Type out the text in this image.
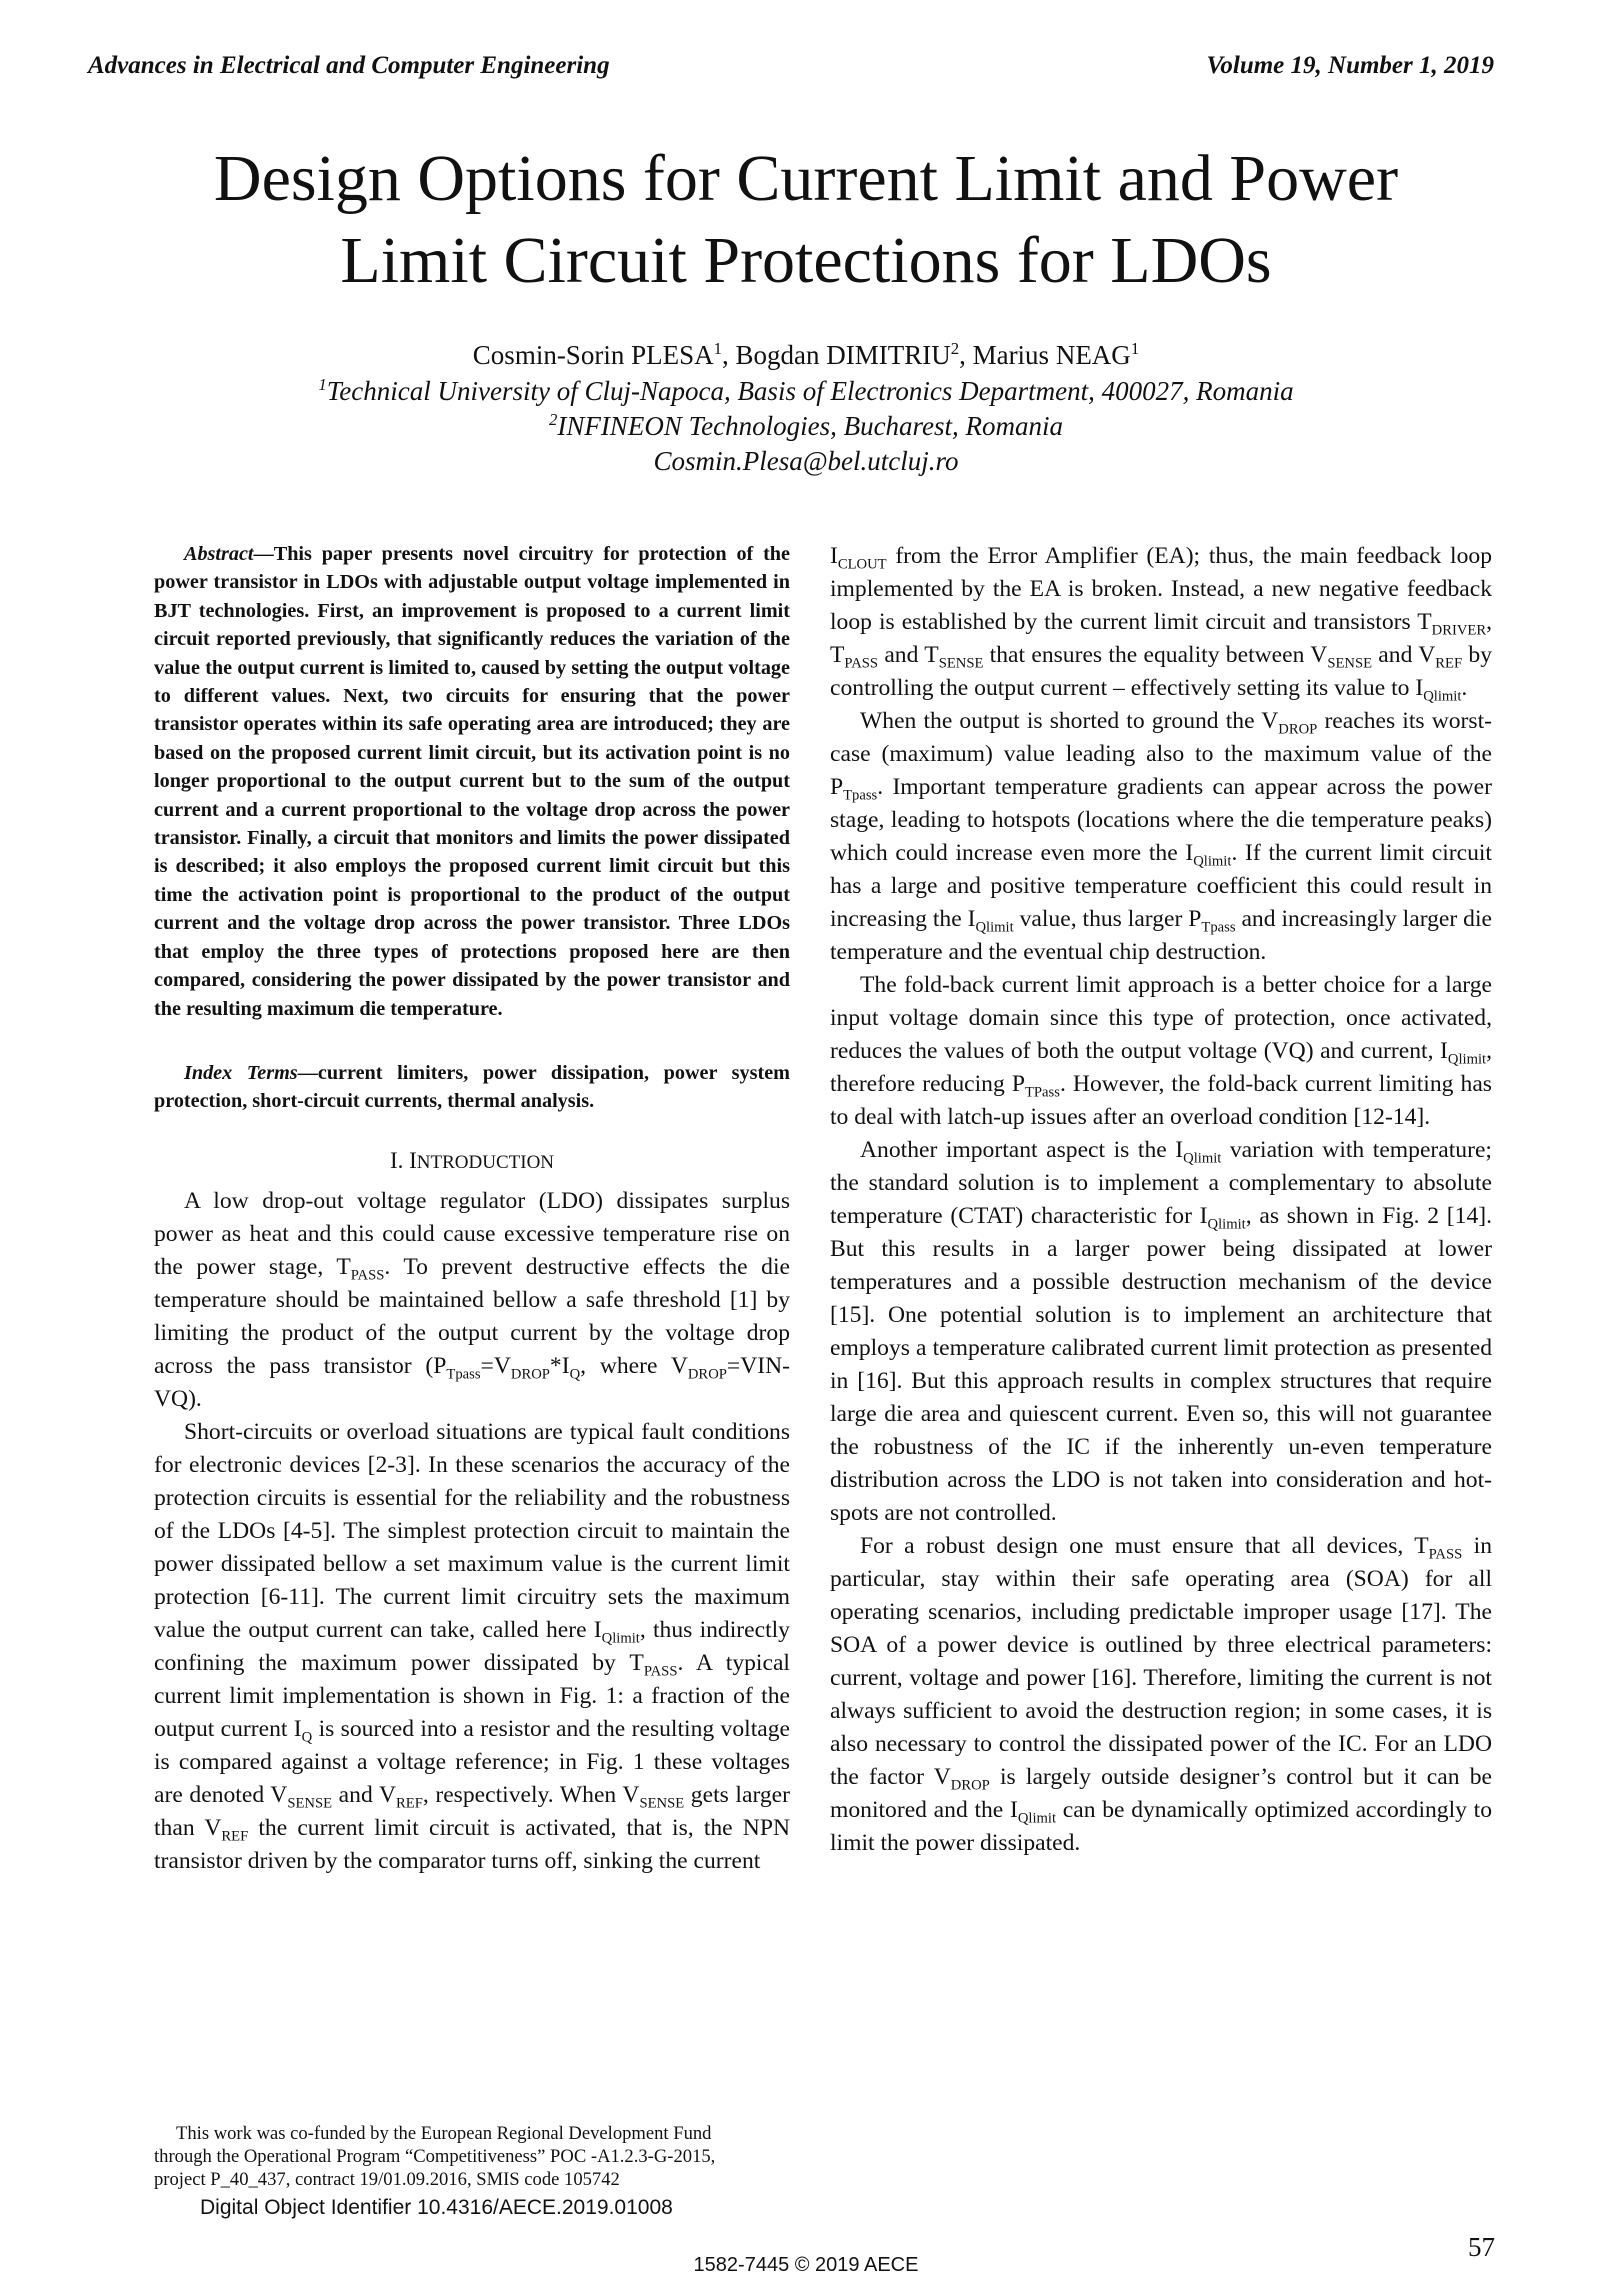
Advances in Electrical and Computer Engineering	Volume 19, Number 1, 2019
Design Options for Current Limit and Power
Limit Circuit Protections for LDOs
Cosmin-Sorin PLESA$^1$, Bogdan DIMITRIU$^2$, Marius NEAG$^1$
$^1$Technical University of Cluj-Napoca, Basis of Electronics Department, 400027, Romania
$^2$INFINEON Technologies, Bucharest, Romania
Cosmin.Plesa@bel.utcluj.ro

Abstract—This paper presents novel circuitry for protection of the power transistor in LDOs with adjustable output voltage implemented in BJT technologies. First, an improvement is proposed to a current limit circuit reported previously, that significantly reduces the variation of the value the output current is limited to, caused by setting the output voltage to different values. Next, two circuits for ensuring that the power transistor operates within its safe operating area are introduced; they are based on the proposed current limit circuit, but its activation point is no longer proportional to the output current but to the sum of the output current and a current proportional to the voltage drop across the power transistor. Finally, a circuit that monitors and limits the power dissipated is described; it also employs the proposed current limit circuit but this time the activation point is proportional to the product of the output current and the voltage drop across the power transistor. Three LDOs that employ the three types of protections proposed here are then compared, considering the power dissipated by the power transistor and the resulting maximum die temperature.

Index Terms—current limiters, power dissipation, power system protection, short-circuit currents, thermal analysis.

I. INTRODUCTION

A low drop-out voltage regulator (LDO) dissipates surplus power as heat and this could cause excessive temperature rise on the power stage, $T_{PASS}$. To prevent destructive effects the die temperature should be maintained bellow a safe threshold [1] by limiting the product of the output current by the voltage drop across the pass transistor ($P_{Tpass}=V_{DROP}*I_Q$, where $V_{DROP}=VIN-VQ$).

Short-circuits or overload situations are typical fault conditions for electronic devices [2-3]. In these scenarios the accuracy of the protection circuits is essential for the reliability and the robustness of the LDOs [4-5]. The simplest protection circuit to maintain the power dissipated bellow a set maximum value is the current limit protection [6-11]. The current limit circuitry sets the maximum value the output current can take, called here $I_{Qlimit}$, thus indirectly confining the maximum power dissipated by $T_{PASS}$. A typical current limit implementation is shown in Fig. 1: a fraction of the output current $I_Q$ is sourced into a resistor and the resulting voltage is compared against a voltage reference; in Fig. 1 these voltages are denoted $V_{SENSE}$ and $V_{REF}$, respectively. When $V_{SENSE}$ gets larger than $V_{REF}$ the current limit circuit is activated, that is, the NPN transistor driven by the comparator turns off, sinking the current

$I_{CLOUT}$ from the Error Amplifier (EA); thus, the main feedback loop implemented by the EA is broken. Instead, a new negative feedback loop is established by the current limit circuit and transistors $T_{DRIVER}$, $T_{PASS}$ and $T_{SENSE}$ that ensures the equality between $V_{SENSE}$ and $V_{REF}$ by controlling the output current – effectively setting its value to $I_{Qlimit}$.

When the output is shorted to ground the $V_{DROP}$ reaches its worst-case (maximum) value leading also to the maximum value of the $P_{Tpass}$. Important temperature gradients can appear across the power stage, leading to hotspots (locations where the die temperature peaks) which could increase even more the $I_{Qlimit}$. If the current limit circuit has a large and positive temperature coefficient this could result in increasing the $I_{Qlimit}$ value, thus larger $P_{Tpass}$ and increasingly larger die temperature and the eventual chip destruction.

The fold-back current limit approach is a better choice for a large input voltage domain since this type of protection, once activated, reduces the values of both the output voltage (VQ) and current, $I_{Qlimit}$, therefore reducing $P_{TPass}$. However, the fold-back current limiting has to deal with latch-up issues after an overload condition [12-14].

Another important aspect is the $I_{Qlimit}$ variation with temperature; the standard solution is to implement a complementary to absolute temperature (CTAT) characteristic for $I_{Qlimit}$, as shown in Fig. 2 [14]. But this results in a larger power being dissipated at lower temperatures and a possible destruction mechanism of the device [15]. One potential solution is to implement an architecture that employs a temperature calibrated current limit protection as presented in [16]. But this approach results in complex structures that require large die area and quiescent current. Even so, this will not guarantee the robustness of the IC if the inherently un-even temperature distribution across the LDO is not taken into consideration and hot-spots are not controlled.

For a robust design one must ensure that all devices, $T_{PASS}$ in particular, stay within their safe operating area (SOA) for all operating scenarios, including predictable improper usage [17]. The SOA of a power device is outlined by three electrical parameters: current, voltage and power [16]. Therefore, limiting the current is not always sufficient to avoid the destruction region; in some cases, it is also necessary to control the dissipated power of the IC. For an LDO the factor $V_{DROP}$ is largely outside designer’s control but it can be monitored and the $I_{Qlimit}$ can be dynamically optimized accordingly to limit the power dissipated.

This work was co-funded by the European Regional Development Fund
through the Operational Program “Competitiveness” POC -A1.2.3-G-2015,
project P_40_437, contract 19/01.09.2016, SMIS code 105742
Digital Object Identifier 10.4316/AECE.2019.01008
57
1582-7445 © 2019 AECE
